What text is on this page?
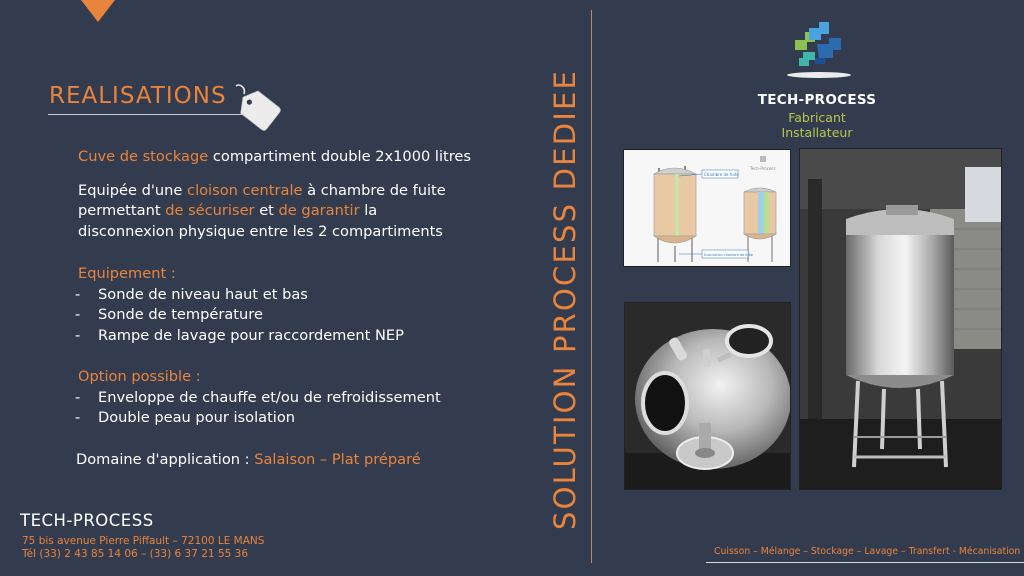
REALISATIONS

Cuve de stockage compartiment double 2x1000 litres

Equipée d'une cloison centrale à chambre de fuite

permettant de sécuriser et de garantir la

disconnexion physique entre les 2 compartiments

Equipement :

- Sonde de niveau haut et bas
- Sonde de température
- Rampe de lavage pour raccordement NEP

Option possible :

- Enveloppe de chauffe et/ou de refroidissement
- Double peau pour isolation

Domaine d'application : Salaison – Plat préparé

TECH-PROCESS
75 bis avenue Pierre Piffault – 72100 LE MANS
Tél (33) 2 43 85 14 06 – (33) 6 37 21 55 36
SOLUTION PROCESS DEDIEE	TECH-PROCESS
Fabricant Installateur
Chambre de fuite
Evacuation chambre de fuite
Tech-Process
Cuisson – Mélange – Stockage – Lavage – Transfert - Mécanisation
